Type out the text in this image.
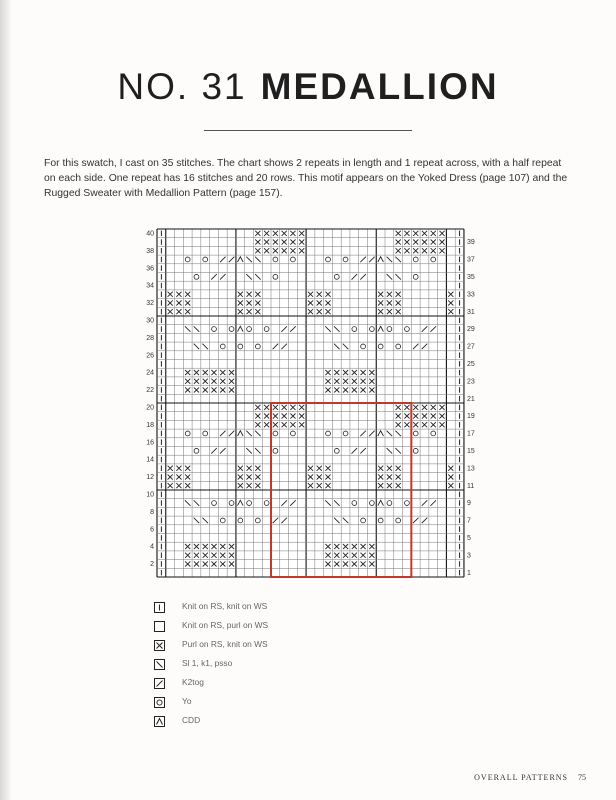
NO. 31 MEDALLION
For this swatch, I cast on 35 stitches. The chart shows 2 repeats in length and 1 repeat across, with a half repeat on each side. One repeat has 16 stitches and 20 rows. This motif appears on the Yoked Dress (page 107) and the Rugged Sweater with Medallion Pattern (page 157).
40
38
36
34
32
30
28
26
24
22
20
18
16
14
12
10
8
6
4
2
39
37
35
33
31
29
27
25
23
21
19
17
15
13
11
9
7
5
3
1
Knit on RS, knit on WS
Knit on RS, purl on WS
Purl on RS, knit on WS
Sl 1, k1, psso
K2tog
Yo
CDD
OVERALL PATTERNS 75
